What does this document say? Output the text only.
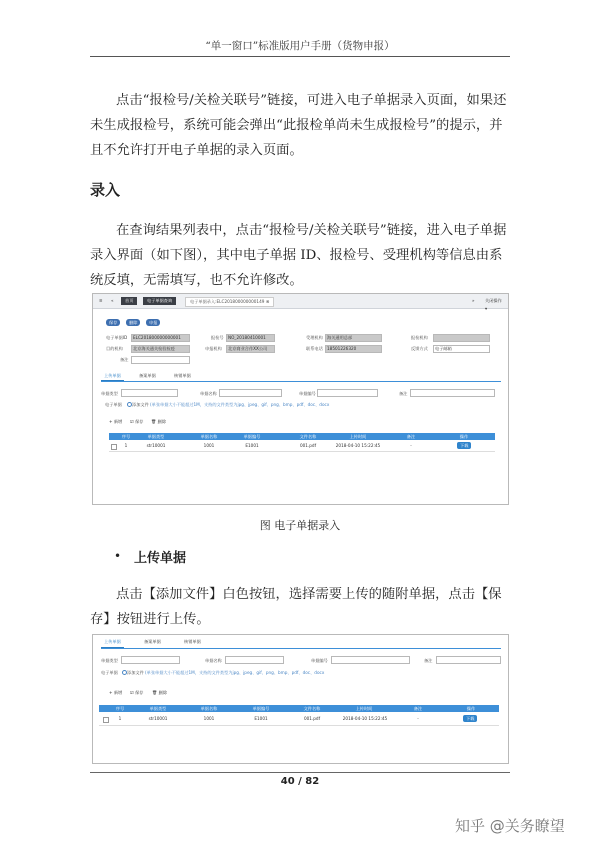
“单一窗口”标准版用户手册（货物申报）
点击“报检号/关检关联号”链接，可进入电子单据录入页面，如果还未生成报检号，系统可能会弹出“此报检单尚未生成报检号”的提示，并且不允许打开电子单据的录入页面。
录入
在查询结果列表中，点击“报检号/关检关联号”链接，进入电子单据录入界面（如下图），其中电子单据 ID、报检号、受理机构等信息由系统反填，无需填写，也不允许修改。
≡	«	首页	电子单据查询	电子单据录入:ELC201800000000149 ⊗	»	关闭操作 ▾
保存	删除	申报
电子单据ID	ELC201800000000001	报检号	NO_20180410001	受理机构	海关通用总部	报检机构
目的机构	北京海关通关检验检疫	申报机构	北京商业合作XX公司	联系电话	18501226320	反馈方式	电子邮箱
备注
上传单据	备案单据	核销单据
单据类型	单据名称	单据编号	备注
电子单据 添加文件 (单张单据大小不能超过1M，支持的文件类型为jpg、jpeg、gif、png、bmp、pdf、doc、docx
+ 新增 ☑ 保存 🗑 删除
序号	单据类型	单据名称	单据编号	文件名称	上传时间	备注	操作
1	str10001	1001	E1001	001.pdf	2018-04-10 15:22:45	-	下载
图 电子单据录入
• 上传单据
点击【添加文件】白色按钮，选择需要上传的随附单据，点击【保存】按钮进行上传。
上传单据	备案单据	核销单据
单据类型	单据名称	单据编号	备注
电子单据 添加文件 (单张单据大小不能超过1M，支持的文件类型为jpg、jpeg、gif、png、bmp、pdf、doc、docx
+ 新增 ☑ 保存 🗑 删除
序号	单据类型	单据名称	单据编号	文件名称	上传时间	备注	操作
1	str10001	1001	E1001	001.pdf	2018-04-10 15:22:45	-	下载
40 / 82
知乎 @关务瞭望
